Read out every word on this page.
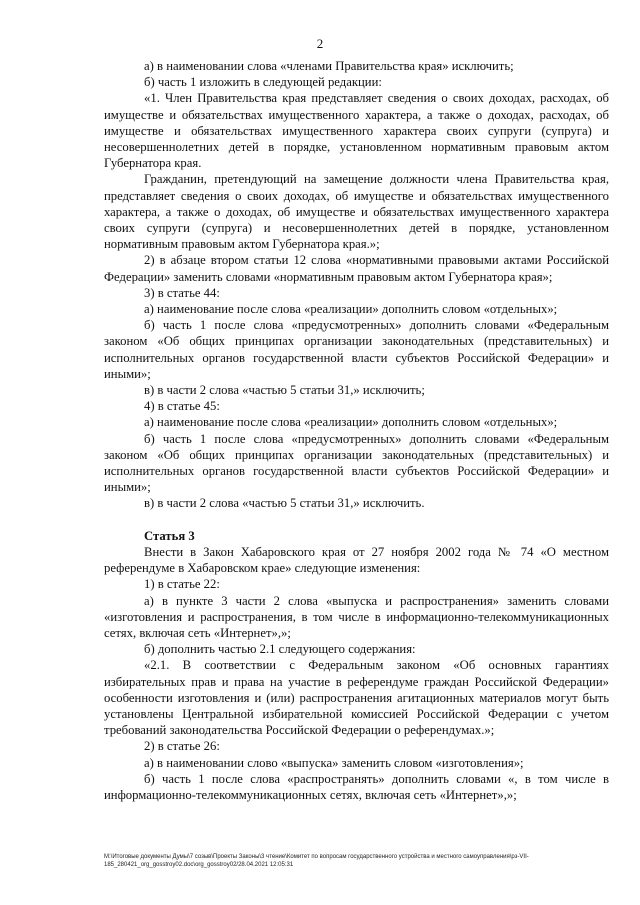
2

а) в наименовании слова «членами Правительства края» исключить;

б) часть 1 изложить в следующей редакции:

«1. Член Правительства края представляет сведения о своих доходах, расходах, об имуществе и обязательствах имущественного характера, а также о доходах, расходах, об имуществе и обязательствах имущественного характера своих супруги (супруга) и несовершеннолетних детей в порядке, установленном нормативным правовым актом Губернатора края.

Гражданин, претендующий на замещение должности члена Правительства края, представляет сведения о своих доходах, об имуществе и обязательствах имущественного характера, а также о доходах, об имуществе и обязательствах имущественного характера своих супруги (супруга) и несовершеннолетних детей в порядке, установленном нормативным правовым актом Губернатора края.»;

2) в абзаце втором статьи 12 слова «нормативными правовыми актами Российской Федерации» заменить словами «нормативным правовым актом Губернатора края»;

3) в статье 44:

а) наименование после слова «реализации» дополнить словом «отдельных»;

б) часть 1 после слова «предусмотренных» дополнить словами «Федеральным законом «Об общих принципах организации законодательных (представительных) и исполнительных органов государственной власти субъектов Российской Федерации» и иными»;

в) в части 2 слова «частью 5 статьи 31,» исключить;

4) в статье 45:

а) наименование после слова «реализации» дополнить словом «отдельных»;

б) часть 1 после слова «предусмотренных» дополнить словами «Федеральным законом «Об общих принципах организации законодательных (представительных) и исполнительных органов государственной власти субъектов Российской Федерации» и иными»;

в) в части 2 слова «частью 5 статьи 31,» исключить.

Статья 3

Внести в Закон Хабаровского края от 27 ноября 2002 года № 74 «О местном референдуме в Хабаровском крае» следующие изменения:

1) в статье 22:

а) в пункте 3 части 2 слова «выпуска и распространения» заменить словами «изготовления и распространения, в том числе в информационно-телекоммуникационных сетях, включая сеть «Интернет»,»;

б) дополнить частью 2.1 следующего содержания:

«2.1. В соответствии с Федеральным законом «Об основных гарантиях избирательных прав и права на участие в референдуме граждан Российской Федерации» особенности изготовления и (или) распространения агитационных материалов могут быть установлены Центральной избирательной комиссией Российской Федерации с учетом требований законодательства Российской Федерации о референдумах.»;

2) в статье 26:

а) в наименовании слово «выпуска» заменить словом «изготовления»;

б) часть 1 после слова «распространять» дополнить словами «, в том числе в информационно-телекоммуникационных сетях, включая сеть «Интернет»,»;

M:\Итоговые документы Думы\7 созыв\Проекты Законы\3 чтение\Комитет по вопросам государственного устройства и местного самоуправления\рз-VII-
185_280421_org_gosstroy02.doc\org_gosstroy02/28.04.2021 12:05:31
